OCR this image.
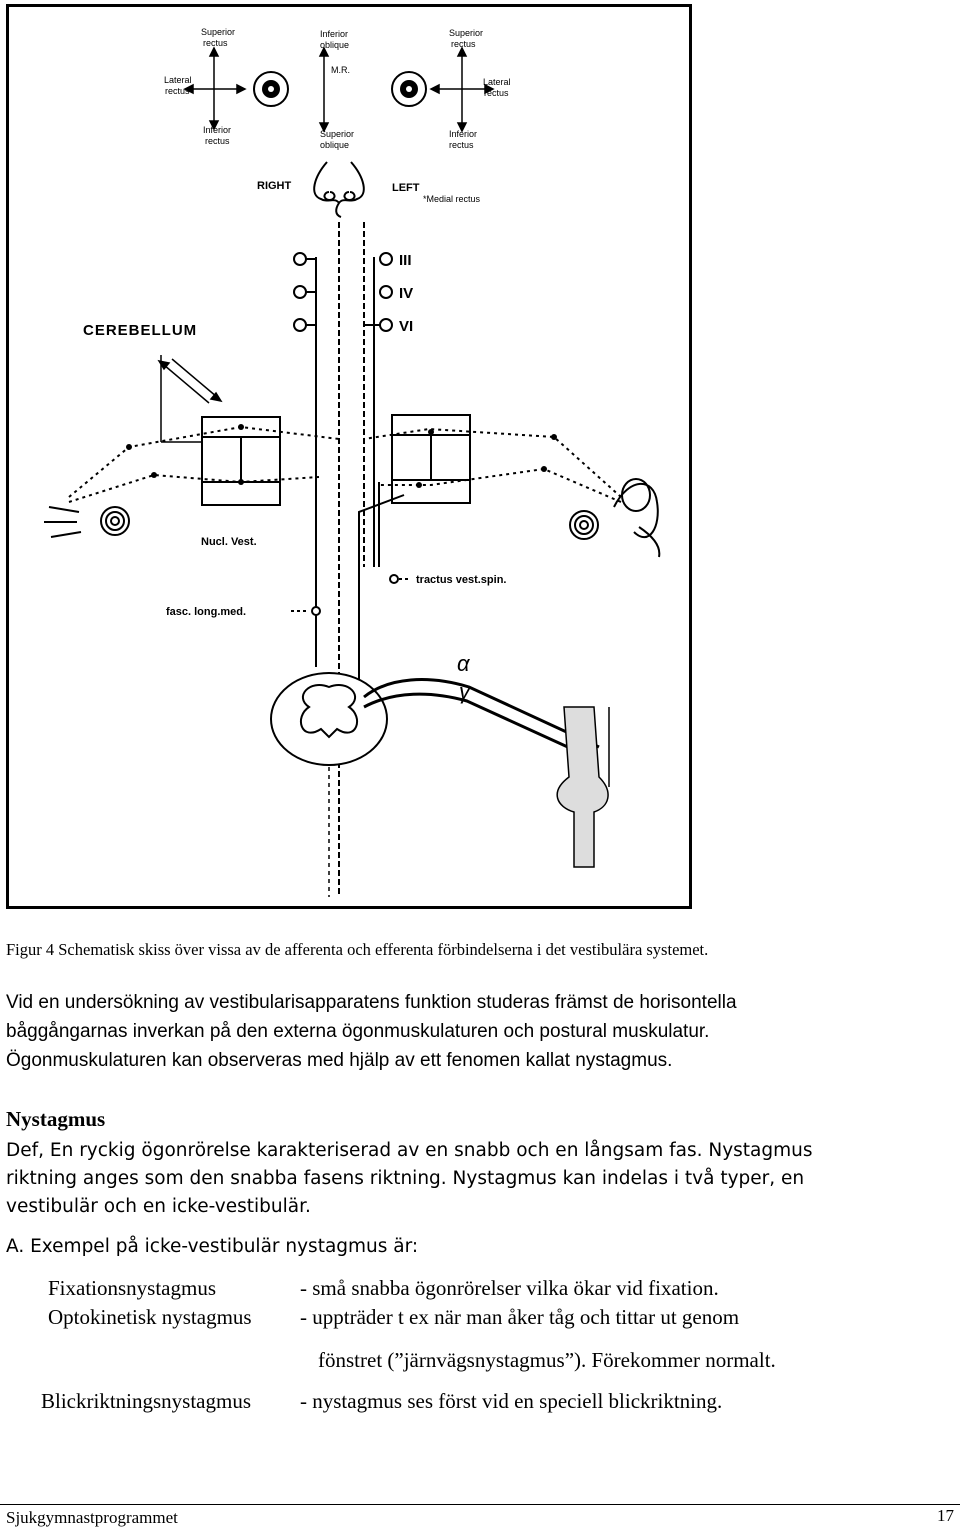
Superior
rectus
Inferior
oblique
Superior
rectus
Lateral
rectus
Lateral
rectus
M.R.
Inferior
rectus
Superior
oblique
Inferior
rectus
RIGHT	LEFT
*Medial rectus
III
IV
VI
CEREBELLUM
Nucl. Vest.
tractus vest.spin.
fasc. long.med.
α
γ
Figur 4 Schematisk skiss över vissa av de afferenta och efferenta förbindelserna i det vestibulära systemet.

Vid en undersökning av vestibularisapparatens funktion studeras främst de horisontella

båggångarnas inverkan på den externa ögonmuskulaturen och postural muskulatur.

Ögonmuskulaturen kan observeras med hjälp av ett fenomen kallat nystagmus.

Nystagmus

Def, En ryckig ögonrörelse karakteriserad av en snabb och en långsam fas. Nystagmus

riktning anges som den snabba fasens riktning. Nystagmus kan indelas i två typer, en

vestibulär och en icke-vestibulär.

A. Exempel på icke-vestibulär nystagmus är:
Fixationsnystagmus	- små snabba ögonrörelser vilka ökar vid fixation.
Optokinetisk nystagmus - uppträder t ex när man åker tåg och tittar ut genom
fönstret (”järnvägsnystagmus”). Förekommer normalt.
Blickriktningsnystagmus - nystagmus ses först vid en speciell blickriktning.
Sjukgymnastprogrammet	17
